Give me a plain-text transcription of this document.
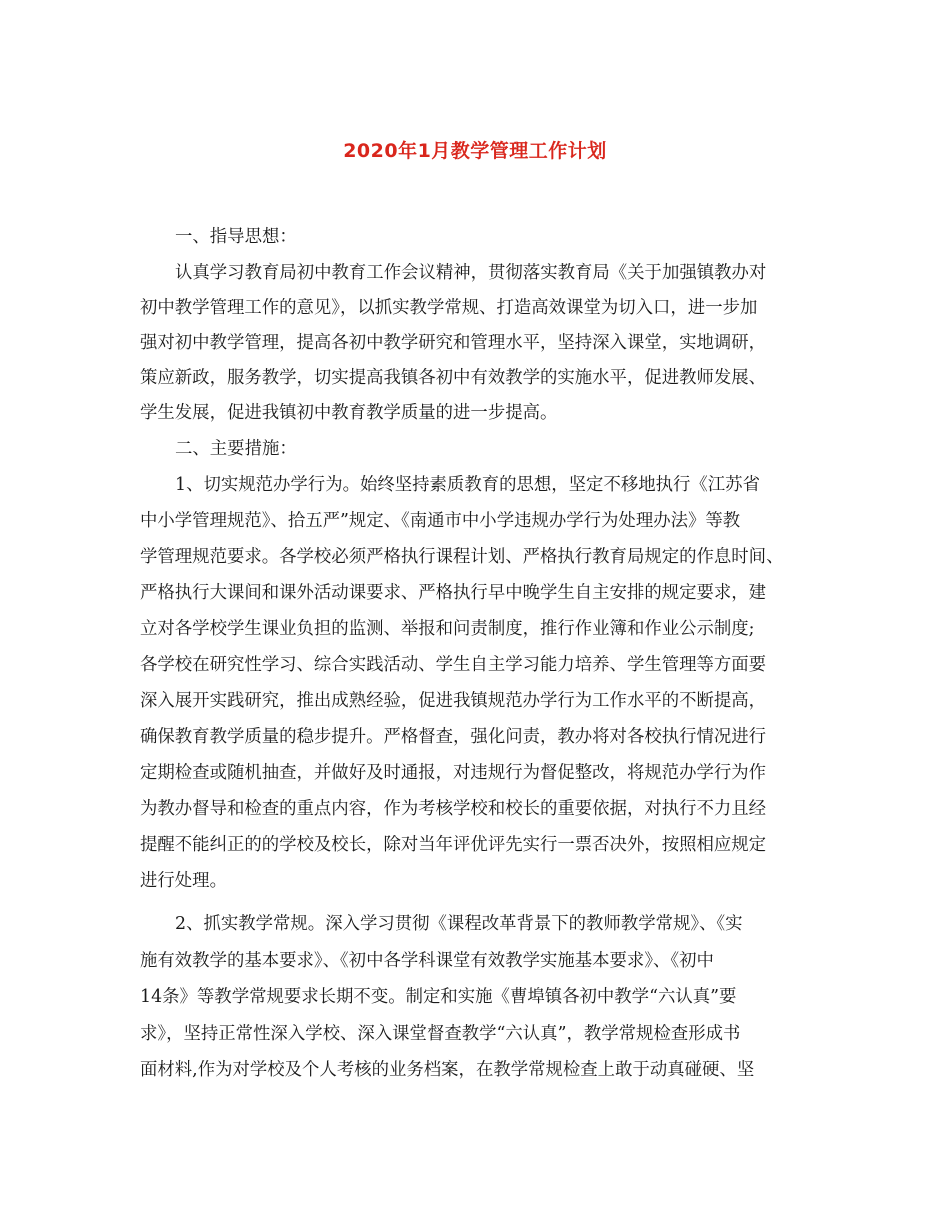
2020年1月教学管理工作计划
一、指导思想：
认真学习教育局初中教育工作会议精神，贯彻落实教育局《关于加强镇教办对
初中教学管理工作的意见》，以抓实教学常规、打造高效课堂为切入口，进一步加
强对初中教学管理，提高各初中教学研究和管理水平，坚持深入课堂，实地调研，
策应新政，服务教学，切实提高我镇各初中有效教学的实施水平，促进教师发展、
学生发展，促进我镇初中教育教学质量的进一步提高。
二、主要措施：
1、切实规范办学行为。始终坚持素质教育的思想，坚定不移地执行《江苏省
中小学管理规范》、拾五严”规定、《南通市中小学违规办学行为处理办法》等教
学管理规范要求。各学校必须严格执行课程计划、严格执行教育局规定的作息时间、
严格执行大课间和课外活动课要求、严格执行早中晚学生自主安排的规定要求，建
立对各学校学生课业负担的监测、举报和问责制度，推行作业簿和作业公示制度;
各学校在研究性学习、综合实践活动、学生自主学习能力培养、学生管理等方面要
深入展开实践研究，推出成熟经验，促进我镇规范办学行为工作水平的不断提高，
确保教育教学质量的稳步提升。严格督查，强化问责，教办将对各校执行情况进行
定期检查或随机抽查，并做好及时通报，对违规行为督促整改，将规范办学行为作
为教办督导和检查的重点内容，作为考核学校和校长的重要依据，对执行不力且经
提醒不能纠正的的学校及校长，除对当年评优评先实行一票否决外，按照相应规定
进行处理。
2、抓实教学常规。深入学习贯彻《课程改革背景下的教师教学常规》、《实
施有效教学的基本要求》、《初中各学科课堂有效教学实施基本要求》、《初中
14条》等教学常规要求长期不变。制定和实施《曹埠镇各初中教学“六认真”要
求》，坚持正常性深入学校、深入课堂督查教学“六认真”，教学常规检查形成书
面材料,作为对学校及个人考核的业务档案，在教学常规检查上敢于动真碰硬、坚
